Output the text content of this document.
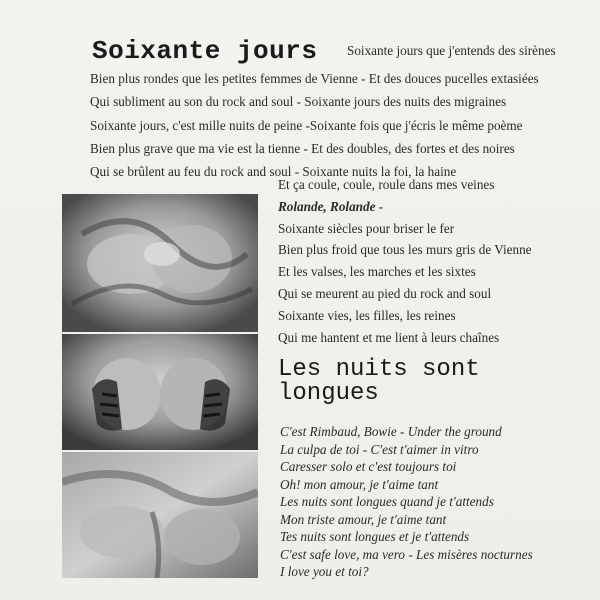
Soixante jours Soixante jours que j'entends des sirènes
Bien plus rondes que les petites femmes de Vienne - Et des douces pucelles extasiées
Qui subliment au son du rock and soul - Soixante jours des nuits des migraines
Soixante jours, c'est mille nuits de peine -Soixante fois que j'écris le même poème
Bien plus grave que ma vie est la tienne - Et des doubles, des fortes et des noires
Qui se brûlent au feu du rock and soul - Soixante nuits la foi, la haine
Et ça coule, coule, roule dans mes veines
Rolande, Rolande -
Soixante siècles pour briser le fer
Bien plus froid que tous les murs gris de Vienne
Et les valses, les marches et les sixtes
Qui se meurent au pied du rock and soul
Soixante vies, les filles, les reines
Qui me hantent et me lient à leurs chaînes
Les nuits sont
longues
C'est Rimbaud, Bowie - Under the ground
La culpa de toi - C'est t'aimer in vitro
Caresser solo et c'est toujours toi
Oh! mon amour, je t'aime tant
Les nuits sont longues quand je t'attends
Mon triste amour, je t'aime tant
Tes nuits sont longues et je t'attends
C'est safe love, ma vero - Les misères nocturnes
I love you et toi?
